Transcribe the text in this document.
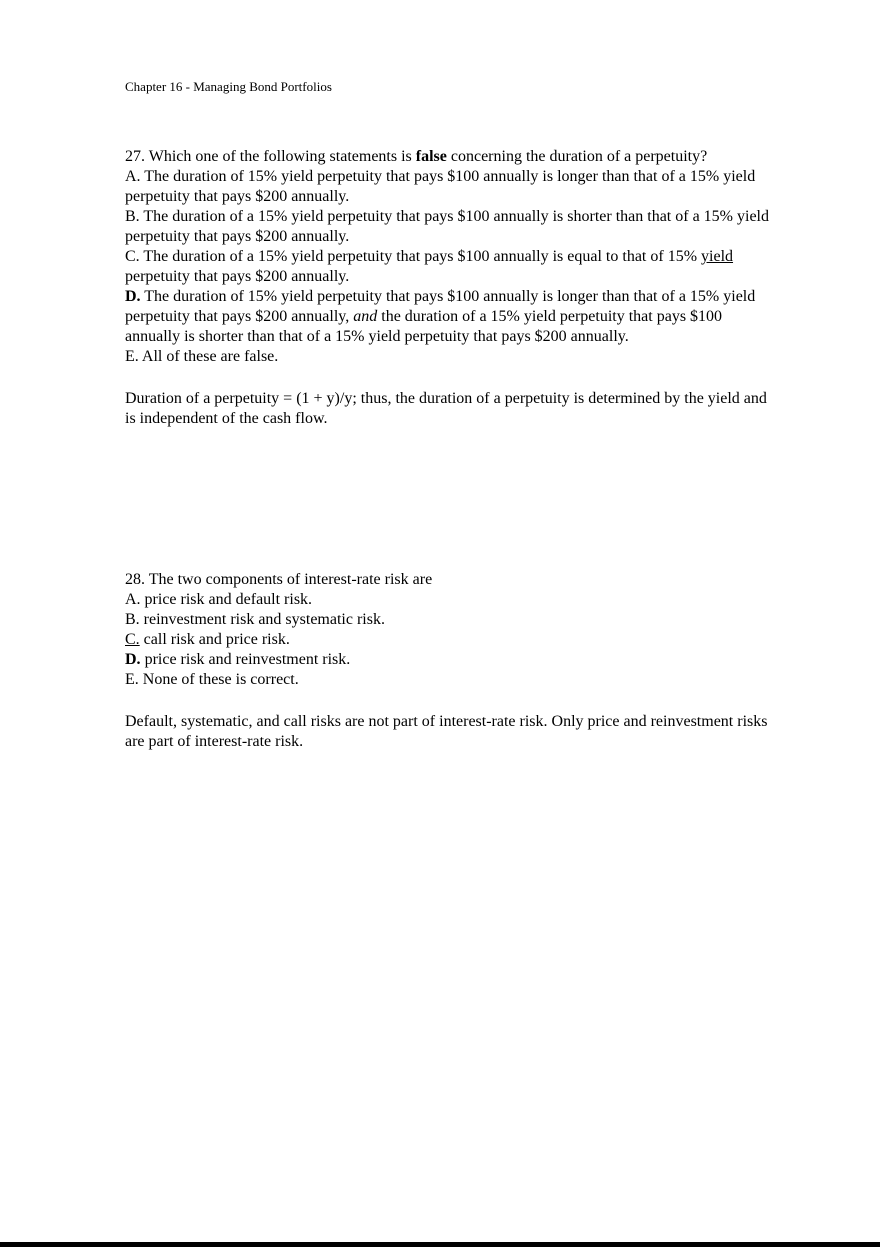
Chapter 16 - Managing Bond Portfolios

27. Which one of the following statements is false concerning the duration of a perpetuity?

A. The duration of 15% yield perpetuity that pays $100 annually is longer than that of a 15% yield perpetuity that pays $200 annually.

B. The duration of a 15% yield perpetuity that pays $100 annually is shorter than that of a 15% yield perpetuity that pays $200 annually.

C. The duration of a 15% yield perpetuity that pays $100 annually is equal to that of 15% yield perpetuity that pays $200 annually.

D. The duration of 15% yield perpetuity that pays $100 annually is longer than that of a 15% yield perpetuity that pays $200 annually, and the duration of a 15% yield perpetuity that pays $100 annually is shorter than that of a 15% yield perpetuity that pays $200 annually.

E. All of these are false.

Duration of a perpetuity = (1 + y)/y; thus, the duration of a perpetuity is determined by the yield and is independent of the cash flow.

28. The two components of interest-rate risk are

A. price risk and default risk.

B. reinvestment risk and systematic risk.

C. call risk and price risk.

D. price risk and reinvestment risk.

E. None of these is correct.

Default, systematic, and call risks are not part of interest-rate risk. Only price and reinvestment risks are part of interest-rate risk.
